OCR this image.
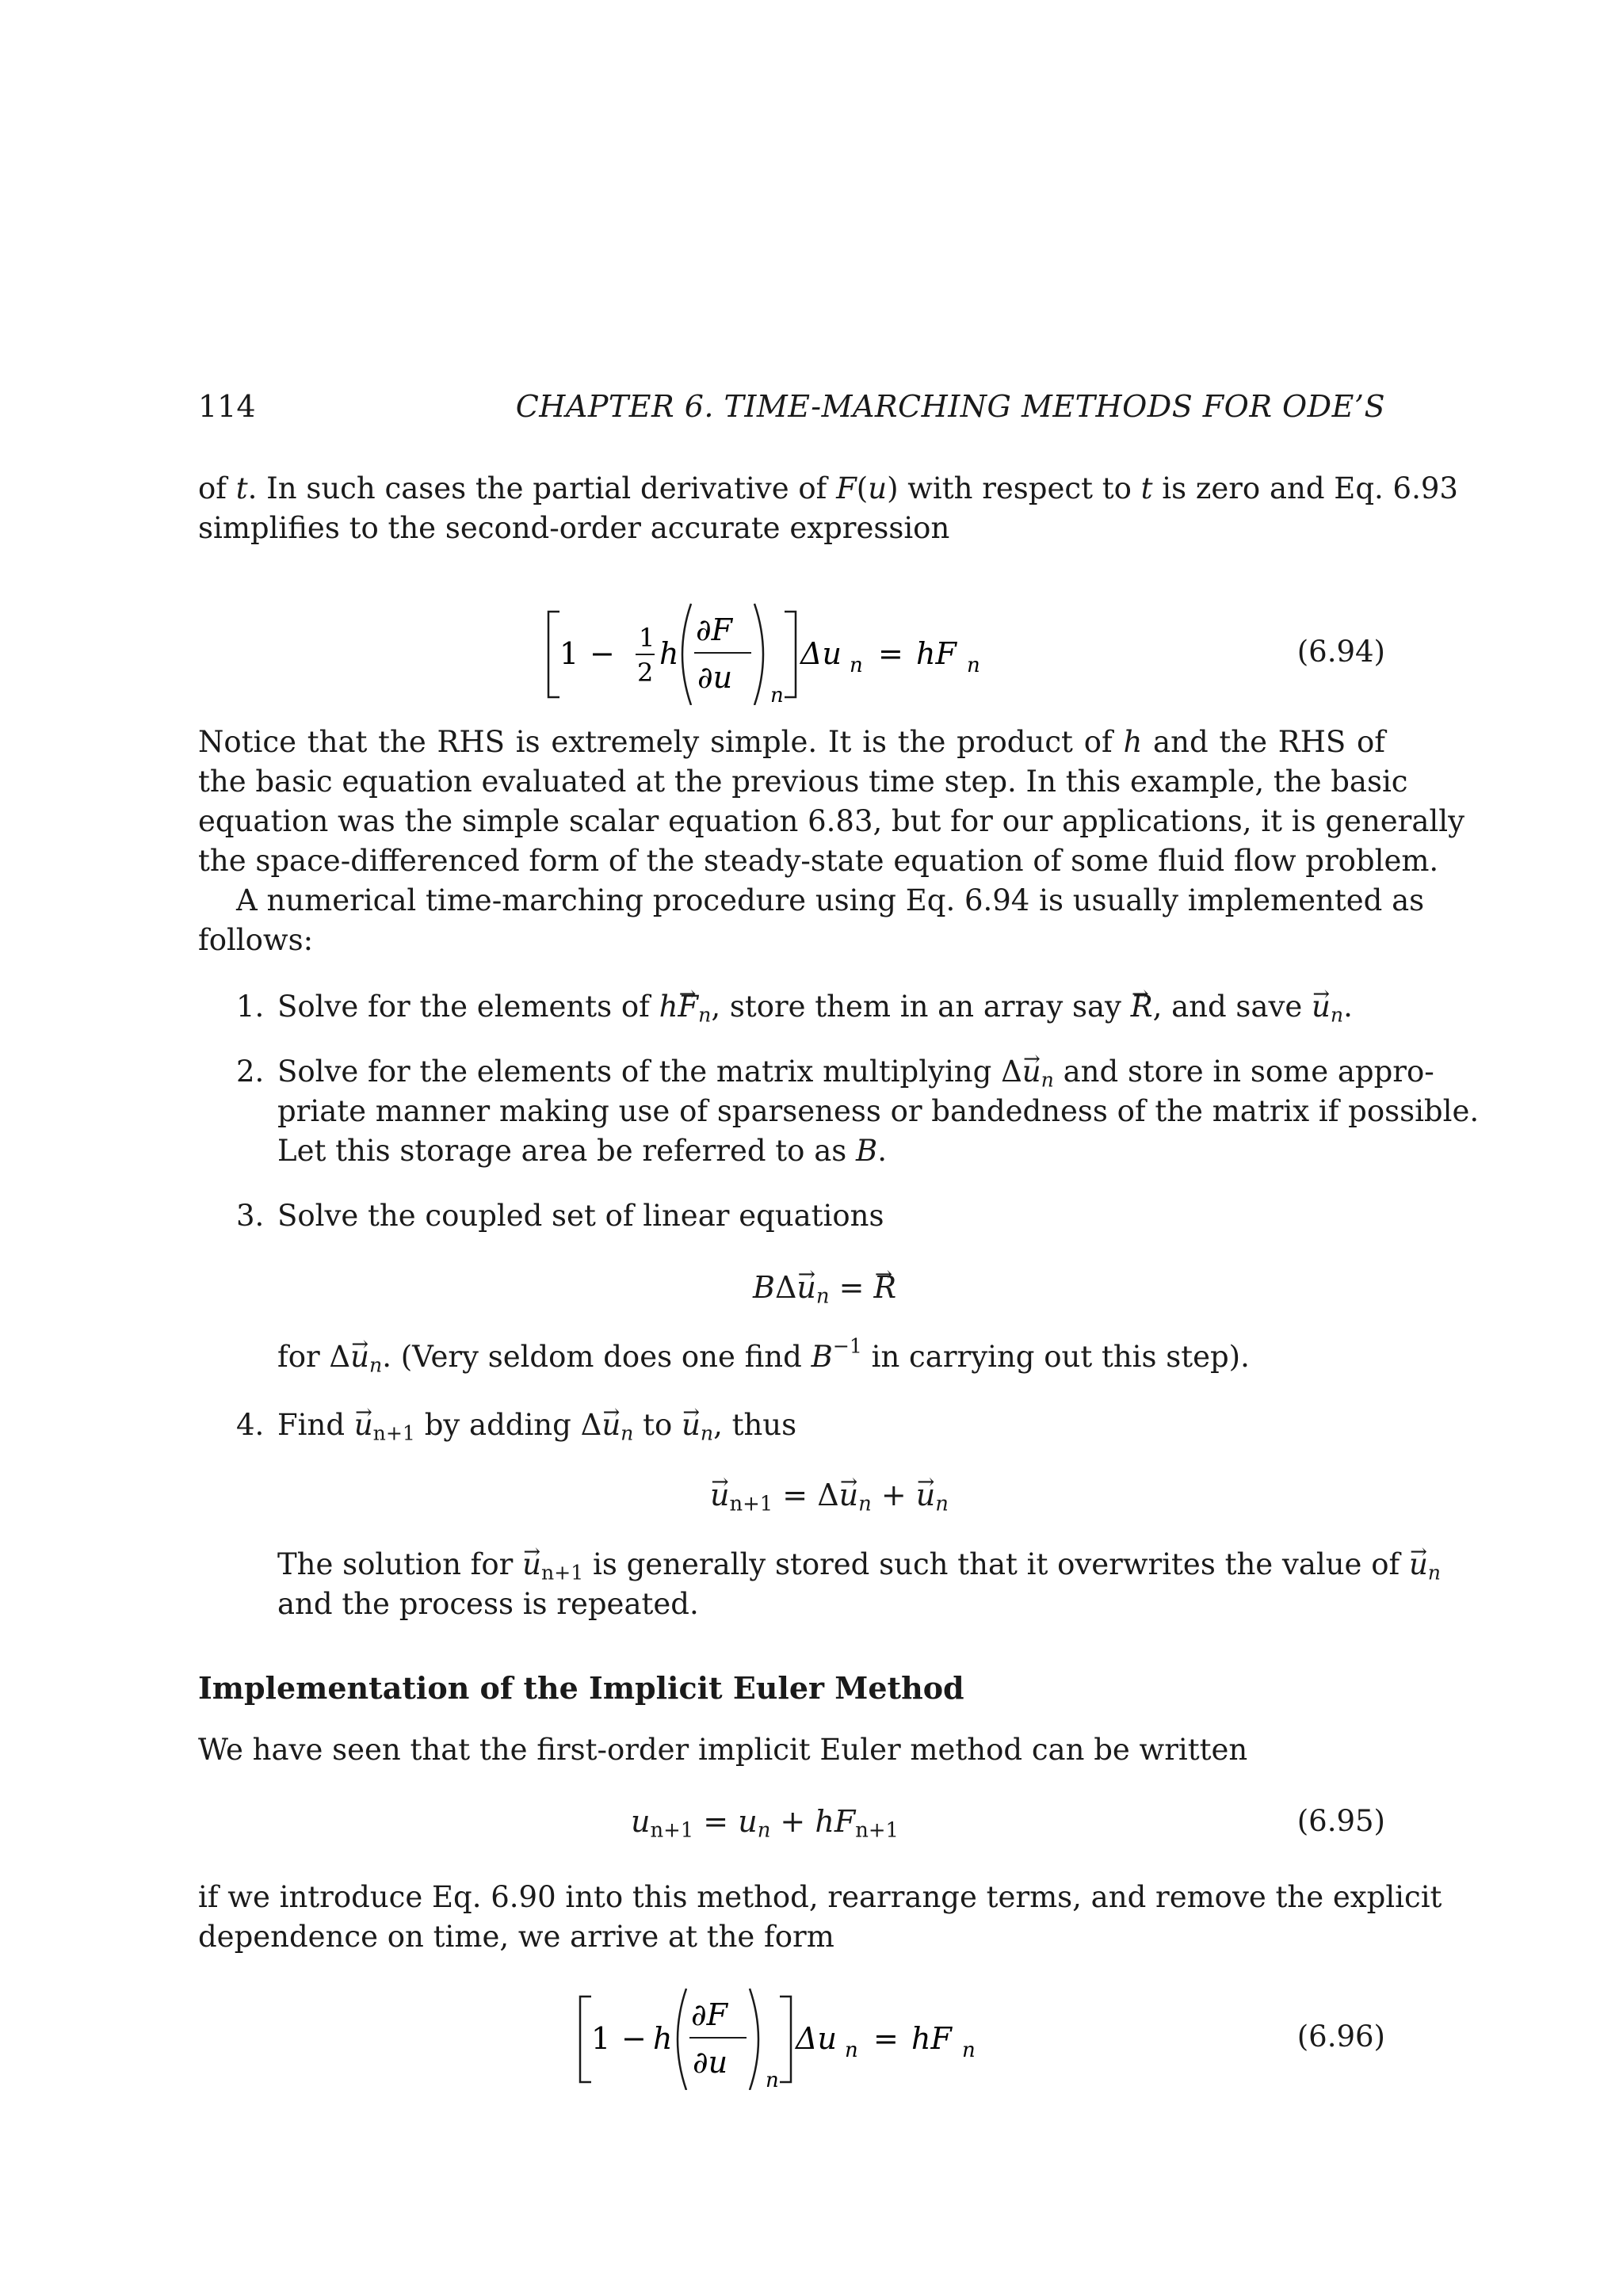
114	CHAPTER 6. TIME-MARCHING METHODS FOR ODE’S
of t. In such cases the partial derivative of F(u) with respect to t is zero and Eq. 6.93
simplifies to the second-order accurate expression
1 − 1
2
h
∂F
∂u
n
Δu n = hF n	(6.94)
Notice that the RHS is extremely simple. It is the product of h and the RHS of
the basic equation evaluated at the previous time step. In this example, the basic
equation was the simple scalar equation 6.83, but for our applications, it is generally
the space-differenced form of the steady-state equation of some fluid flow problem.
A numerical time-marching procedure using Eq. 6.94 is usually implemented as
follows:
1. Solve for the elements of $h\to F_n$, store them in an array say → R, and save → $u_n$.
2. Solve for the elements of the matrix multiplying $\Delta\to u_n$ and store in some appro-
priate manner making use of sparseness or bandedness of the matrix if possible.
Let this storage area be referred to as B.
3. Solve the coupled set of linear equations
$B\Delta\to u_n$ = → R
for $\Delta\to u_n$. (Very seldom does one find $B^{-1}$ in carrying out this step).
4. Find → $u_{n+1}$ by adding $\Delta\to u_n$ to → $u_n$, thus
→ $u_{n+1} = \Delta\to u_n$ + → $u_n$
The solution for → $u_{n+1}$ is generally stored such that it overwrites the value of → $u_n$
and the process is repeated.
Implementation of the Implicit Euler Method
We have seen that the first-order implicit Euler method can be written
$u_{n+1} = u_n + hF_{n+1}$	(6.95)
if we introduce Eq. 6.90 into this method, rearrange terms, and remove the explicit
dependence on time, we arrive at the form
1 − h
∂F
∂u
n
Δu n = hF n	(6.96)
